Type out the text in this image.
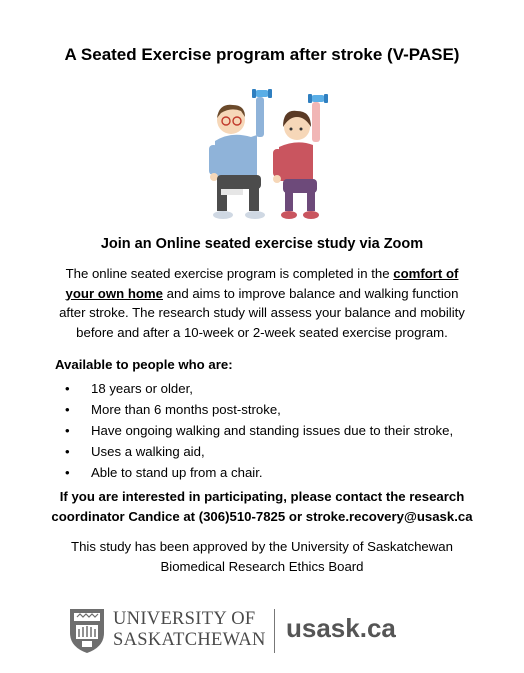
A Seated Exercise program after stroke (V-PASE)
Join an Online seated exercise study via Zoom
The online seated exercise program is completed in the comfort of your own home and aims to improve balance and walking function after stroke. The research study will assess your balance and mobility before and after a 10-week or 2-week seated exercise program.
Available to people who are:
• 18 years or older,
• More than 6 months post-stroke,
• Have ongoing walking and standing issues due to their stroke,
• Uses a walking aid,
• Able to stand up from a chair.
If you are interested in participating, please contact the research coordinator Candice at (306)510-7825 or stroke.recovery@usask.ca
This study has been approved by the University of Saskatchewan Biomedical Research Ethics Board
UNIVERSITY OF
SASKATCHEWAN usask.ca
